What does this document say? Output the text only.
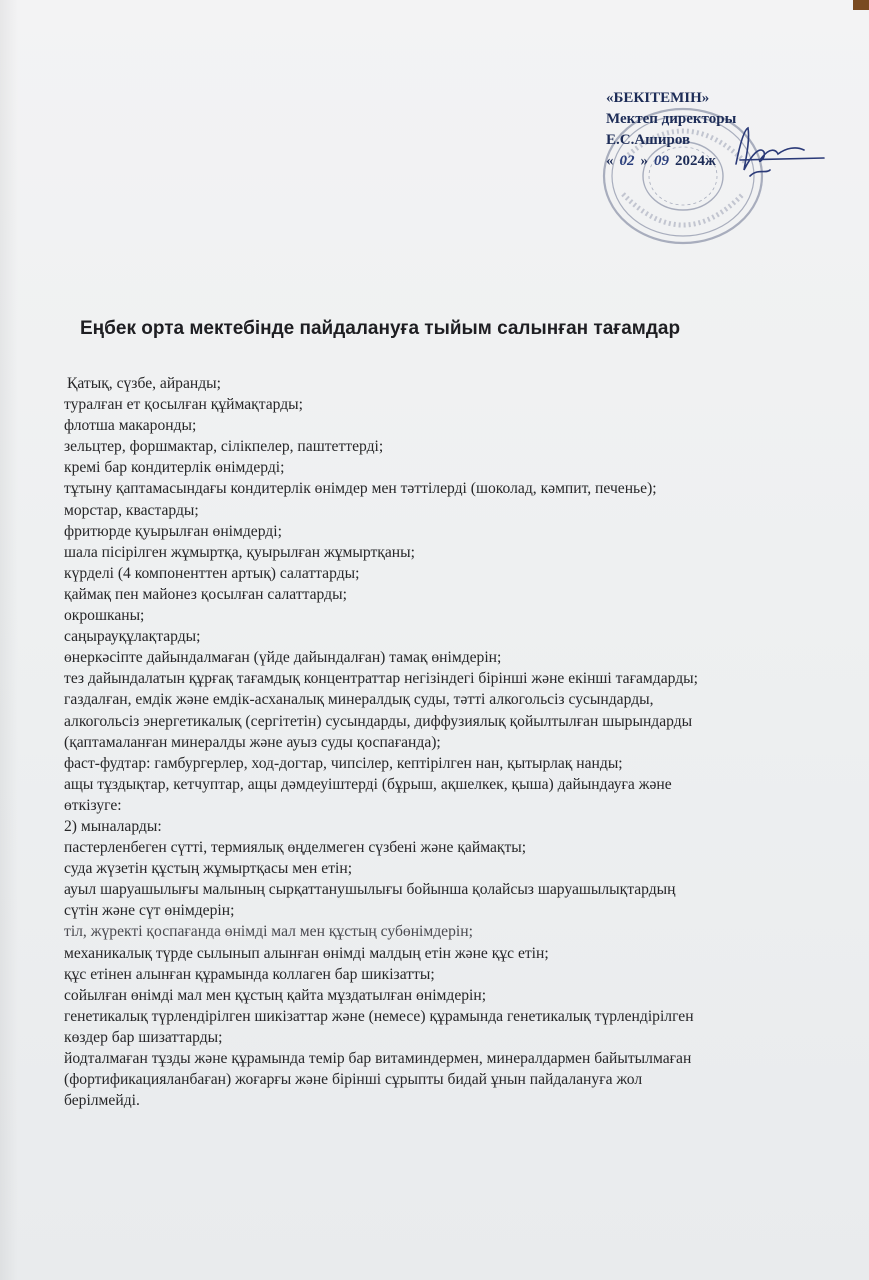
«БЕКІТЕМІН»
Мектеп директоры
Е.С.Аширов
« 02 » 09 2024ж
Еңбек орта мектебінде пайдалануға тыйым салынған тағамдар
Қатық, сүзбе, айранды;
туралған ет қосылған құймақтарды;
флотша макаронды;
зельцтер, форшмактар, сілікпелер, паштеттерді;
кремі бар кондитерлік өнімдерді;
тұтыну қаптамасындағы кондитерлік өнімдер мен тәттілерді (шоколад, кәмпит, печенье);
морстар, квастарды;
фритюрде қуырылған өнімдерді;
шала пісірілген жұмыртқа, қуырылған жұмыртқаны;
күрделі (4 компоненттен артық) салаттарды;
қаймақ пен майонез қосылған салаттарды;
окрошканы;
саңырауқұлақтарды;
өнеркәсіпте дайындалмаған (үйде дайындалған) тамақ өнімдерін;
тез дайындалатын құрғақ тағамдық концентраттар негізіндегі бірінші және екінші тағамдарды;
газдалған, емдік және емдік-асханалық минералдық суды, тәтті алкогольсіз сусындарды,
алкогольсіз энергетикалық (сергітетін) сусындарды, диффузиялық қойылтылған шырындарды
(қаптамаланған минералды және ауыз суды қоспағанда);
фаст-фудтар: гамбургерлер, ход-догтар, чипсілер, кептірілген нан, қытырлақ нанды;
ащы тұздықтар, кетчуптар, ащы дәмдеуіштерді (бұрыш, ақшелкек, қыша) дайындауға және
өткізуге:
2) мыналарды:
пастерленбеген сүтті, термиялық өңделмеген сүзбені және қаймақты;
суда жүзетін құстың жұмыртқасы мен етін;
ауыл шаруашылығы малының сырқаттанушылығы бойынша қолайсыз шаруашылықтардың
сүтін және сүт өнімдерін;
тіл, жүректі қоспағанда өнімді мал мен құстың субөнімдерін;
механикалық түрде сылынып алынған өнімді малдың етін және құс етін;
құс етінен алынған құрамында коллаген бар шикізатты;
сойылған өнімді мал мен құстың қайта мұздатылған өнімдерін;
генетикалық түрлендірілген шикізаттар және (немесе) құрамында генетикалық түрлендірілген
көздер бар шизаттарды;
йодталмаған тұзды және құрамында темір бар витаминдермен, минералдармен байытылмаған
(фортификацияланбаған) жоғарғы және бірінші сұрыпты бидай ұнын пайдалануға жол
берілмейді.
